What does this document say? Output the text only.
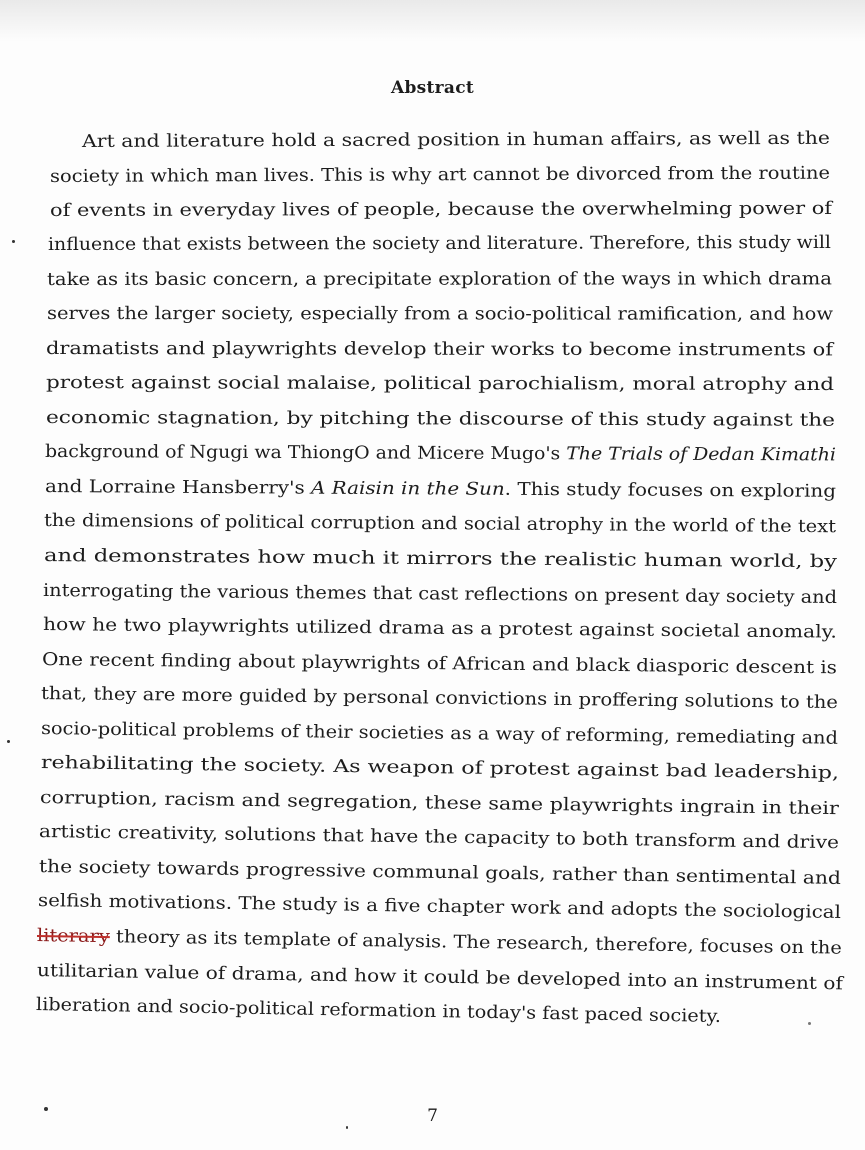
Abstract
Art and literature hold a sacred position in human affairs, as well as the
society in which man lives. This is why art cannot be divorced from the routine
of events in everyday lives of people, because the overwhelming power of
influence that exists between the society and literature. Therefore, this study will
take as its basic concern, a precipitate exploration of the ways in which drama
serves the larger society, especially from a socio-political ramification, and how
dramatists and playwrights develop their works to become instruments of
protest against social malaise, political parochialism, moral atrophy and
economic stagnation, by pitching the discourse of this study against the
background of Ngugi wa ThiongO and Micere Mugo's The Trials of Dedan Kimathi
and Lorraine Hansberry's A Raisin in the Sun. This study focuses on exploring
the dimensions of political corruption and social atrophy in the world of the text
and demonstrates how much it mirrors the realistic human world, by
interrogating the various themes that cast reflections on present day society and
how he two playwrights utilized drama as a protest against societal anomaly.
One recent finding about playwrights of African and black diasporic descent is
that, they are more guided by personal convictions in proffering solutions to the
socio-political problems of their societies as a way of reforming, remediating and
rehabilitating the society. As weapon of protest against bad leadership,
corruption, racism and segregation, these same playwrights ingrain in their
artistic creativity, solutions that have the capacity to both transform and drive
the society towards progressive communal goals, rather than sentimental and
selfish motivations. The study is a five chapter work and adopts the sociological
literary theory as its template of analysis. The research, therefore, focuses on the
utilitarian value of drama, and how it could be developed into an instrument of
liberation and socio-political reformation in today's fast paced society.
7
